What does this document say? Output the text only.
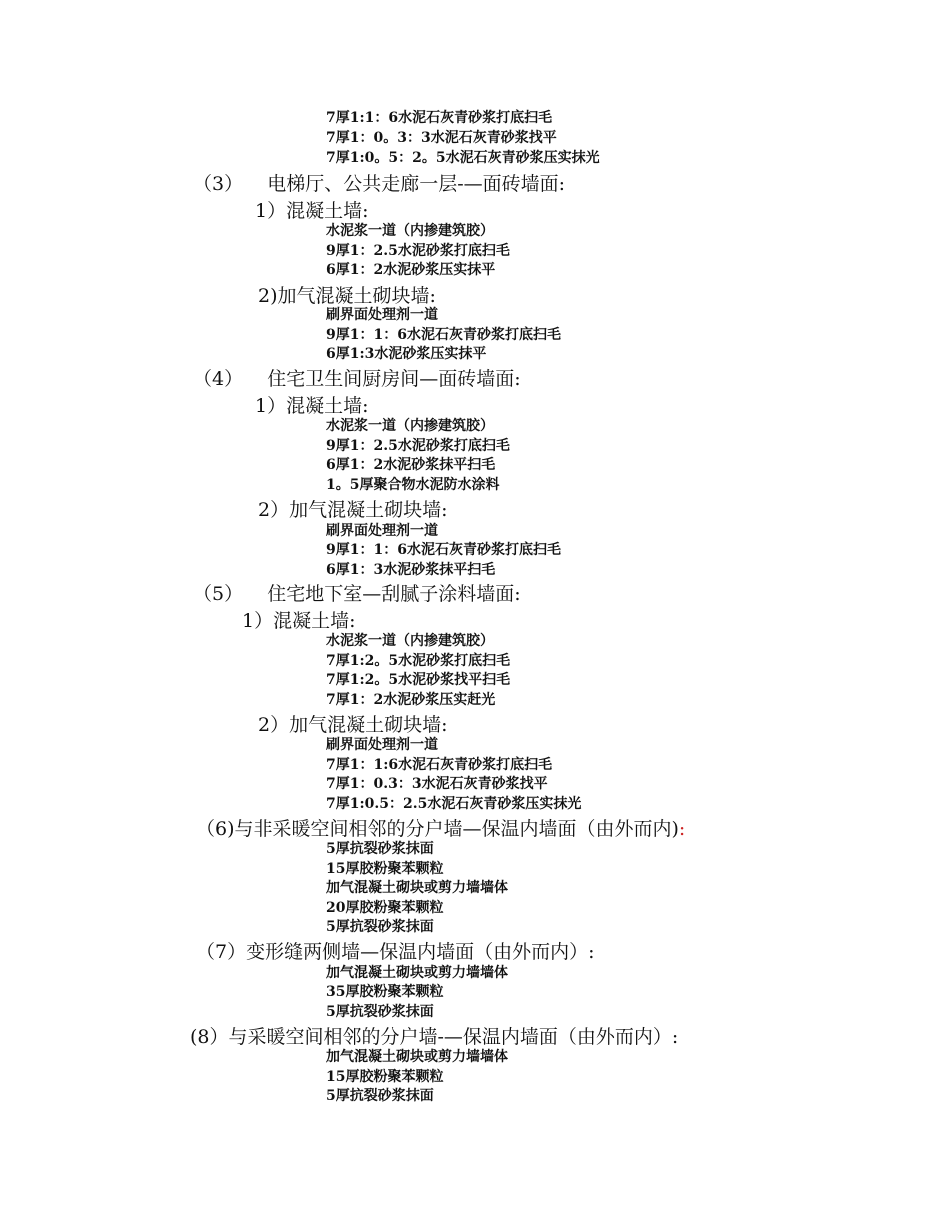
7厚1:1：6水泥石灰青砂浆打底扫毛
7厚1：0。3：3水泥石灰青砂浆找平
7厚1:0。5：2。5水泥石灰青砂浆压实抹光
（3）    电梯厅、公共走廊一层-—面砖墙面:
1）混凝土墙:
水泥浆一道（内掺建筑胶）
9厚1：2.5水泥砂浆打底扫毛
6厚1：2水泥砂浆压实抹平
2)加气混凝土砌块墙:
刷界面处理剂一道
9厚1：1：6水泥石灰青砂浆打底扫毛
6厚1:3水泥砂浆压实抹平
（4）    住宅卫生间厨房间—面砖墙面:
1）混凝土墙:
水泥浆一道（内掺建筑胶）
9厚1：2.5水泥砂浆打底扫毛
6厚1：2水泥砂浆抹平扫毛
1。5厚聚合物水泥防水涂料
2）加气混凝土砌块墙:
刷界面处理剂一道
9厚1：1：6水泥石灰青砂浆打底扫毛
6厚1：3水泥砂浆抹平扫毛
（5）    住宅地下室—刮腻子涂料墙面:
1）混凝土墙:
水泥浆一道（内掺建筑胶）
7厚1:2。5水泥砂浆打底扫毛
7厚1:2。5水泥砂浆找平扫毛
7厚1：2水泥砂浆压实赶光
2）加气混凝土砌块墙:
刷界面处理剂一道
7厚1：1:6水泥石灰青砂浆打底扫毛
7厚1：0.3：3水泥石灰青砂浆找平
7厚1:0.5：2.5水泥石灰青砂浆压实抹光
（6)与非采暖空间相邻的分户墙—保温内墙面（由外而内):
5厚抗裂砂浆抹面
15厚胶粉聚苯颗粒
加气混凝土砌块或剪力墙墙体
20厚胶粉聚苯颗粒
5厚抗裂砂浆抹面
（7）变形缝两侧墙—保温内墙面（由外而内）:
加气混凝土砌块或剪力墙墙体
35厚胶粉聚苯颗粒
5厚抗裂砂浆抹面
(8）与采暖空间相邻的分户墙-—保温内墙面（由外而内）:
加气混凝土砌块或剪力墙墙体
15厚胶粉聚苯颗粒
5厚抗裂砂浆抹面
